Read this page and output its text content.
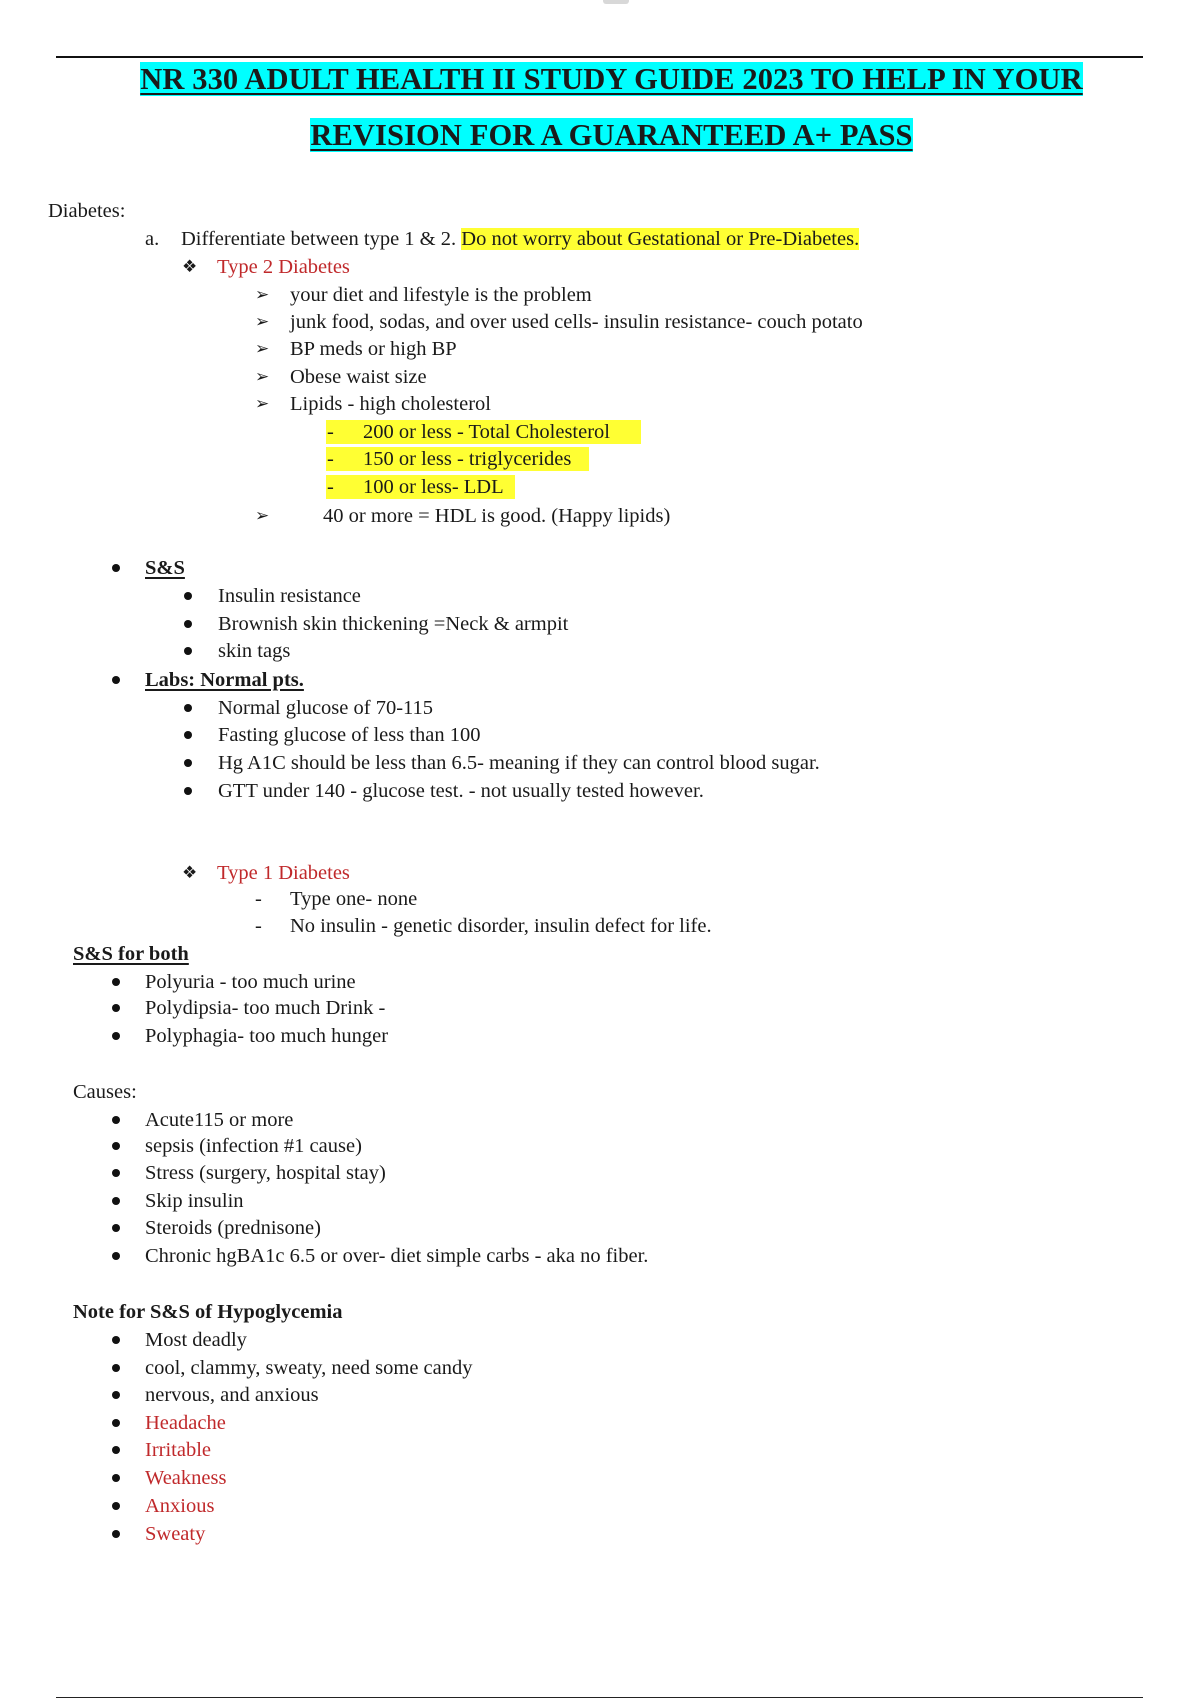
NR 330 ADULT HEALTH II STUDY GUIDE 2023 TO HELP IN YOUR
REVISION FOR A GUARANTEED A+ PASS
Diabetes:
a. Differentiate between type 1 & 2. Do not worry about Gestational or Pre-Diabetes.
❖ Type 2 Diabetes
➢ your diet and lifestyle is the problem
➢ junk food, sodas, and over used cells- insulin resistance- couch potato
➢ BP meds or high BP
➢ Obese waist size
➢ Lipids - high cholesterol
-
-
-
200 or less - Total Cholesterol
150 or less - triglycerides
100 or less- LDL
➢	40 or more = HDL is good. (Happy lipids)
S&S
Insulin resistance
Brownish skin thickening =Neck & armpit
skin tags
Labs: Normal pts.
Normal glucose of 70-115
Fasting glucose of less than 100
Hg A1C should be less than 6.5- meaning if they can control blood sugar.
GTT under 140 - glucose test. - not usually tested however.
❖ Type 1 Diabetes
- Type one- none
- No insulin - genetic disorder, insulin defect for life.
S&S for both
Polyuria - too much urine
Polydipsia- too much Drink -
Polyphagia- too much hunger
Causes:
Acute115 or more
sepsis (infection #1 cause)
Stress (surgery, hospital stay)
Skip insulin
Steroids (prednisone)
Chronic hgBA1c 6.5 or over- diet simple carbs - aka no fiber.
Note for S&S of Hypoglycemia
Most deadly
cool, clammy, sweaty, need some candy
nervous, and anxious
Headache
Irritable
Weakness
Anxious
Sweaty
